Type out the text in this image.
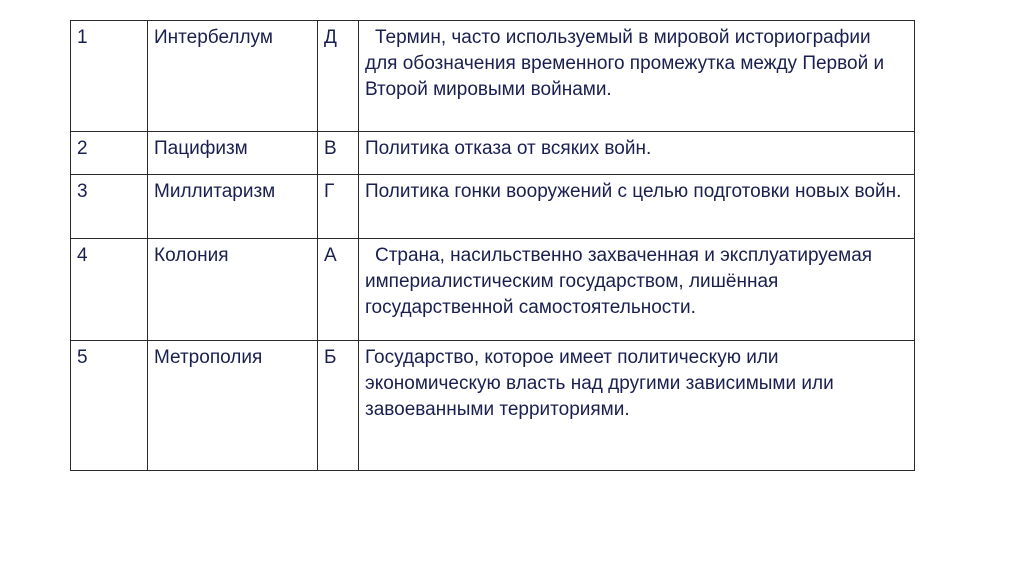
1	Интербеллум	Д	Термин, часто используемый в мировой историографии для обозначения временного промежутка между Первой и Второй мировыми войнами.
2	Пацифизм	В	Политика отказа от всяких войн.
3	Миллитаризм	Г	Политика гонки вооружений с целью подготовки новых войн.
4	Колония	А	Страна, насильственно захваченная и эксплуатируемая империалистическим государством, лишённая государственной самостоятельности.
5	Метрополия	Б	Государство, которое имеет политическую или экономическую власть над другими зависимыми или завоеванными территориями.
